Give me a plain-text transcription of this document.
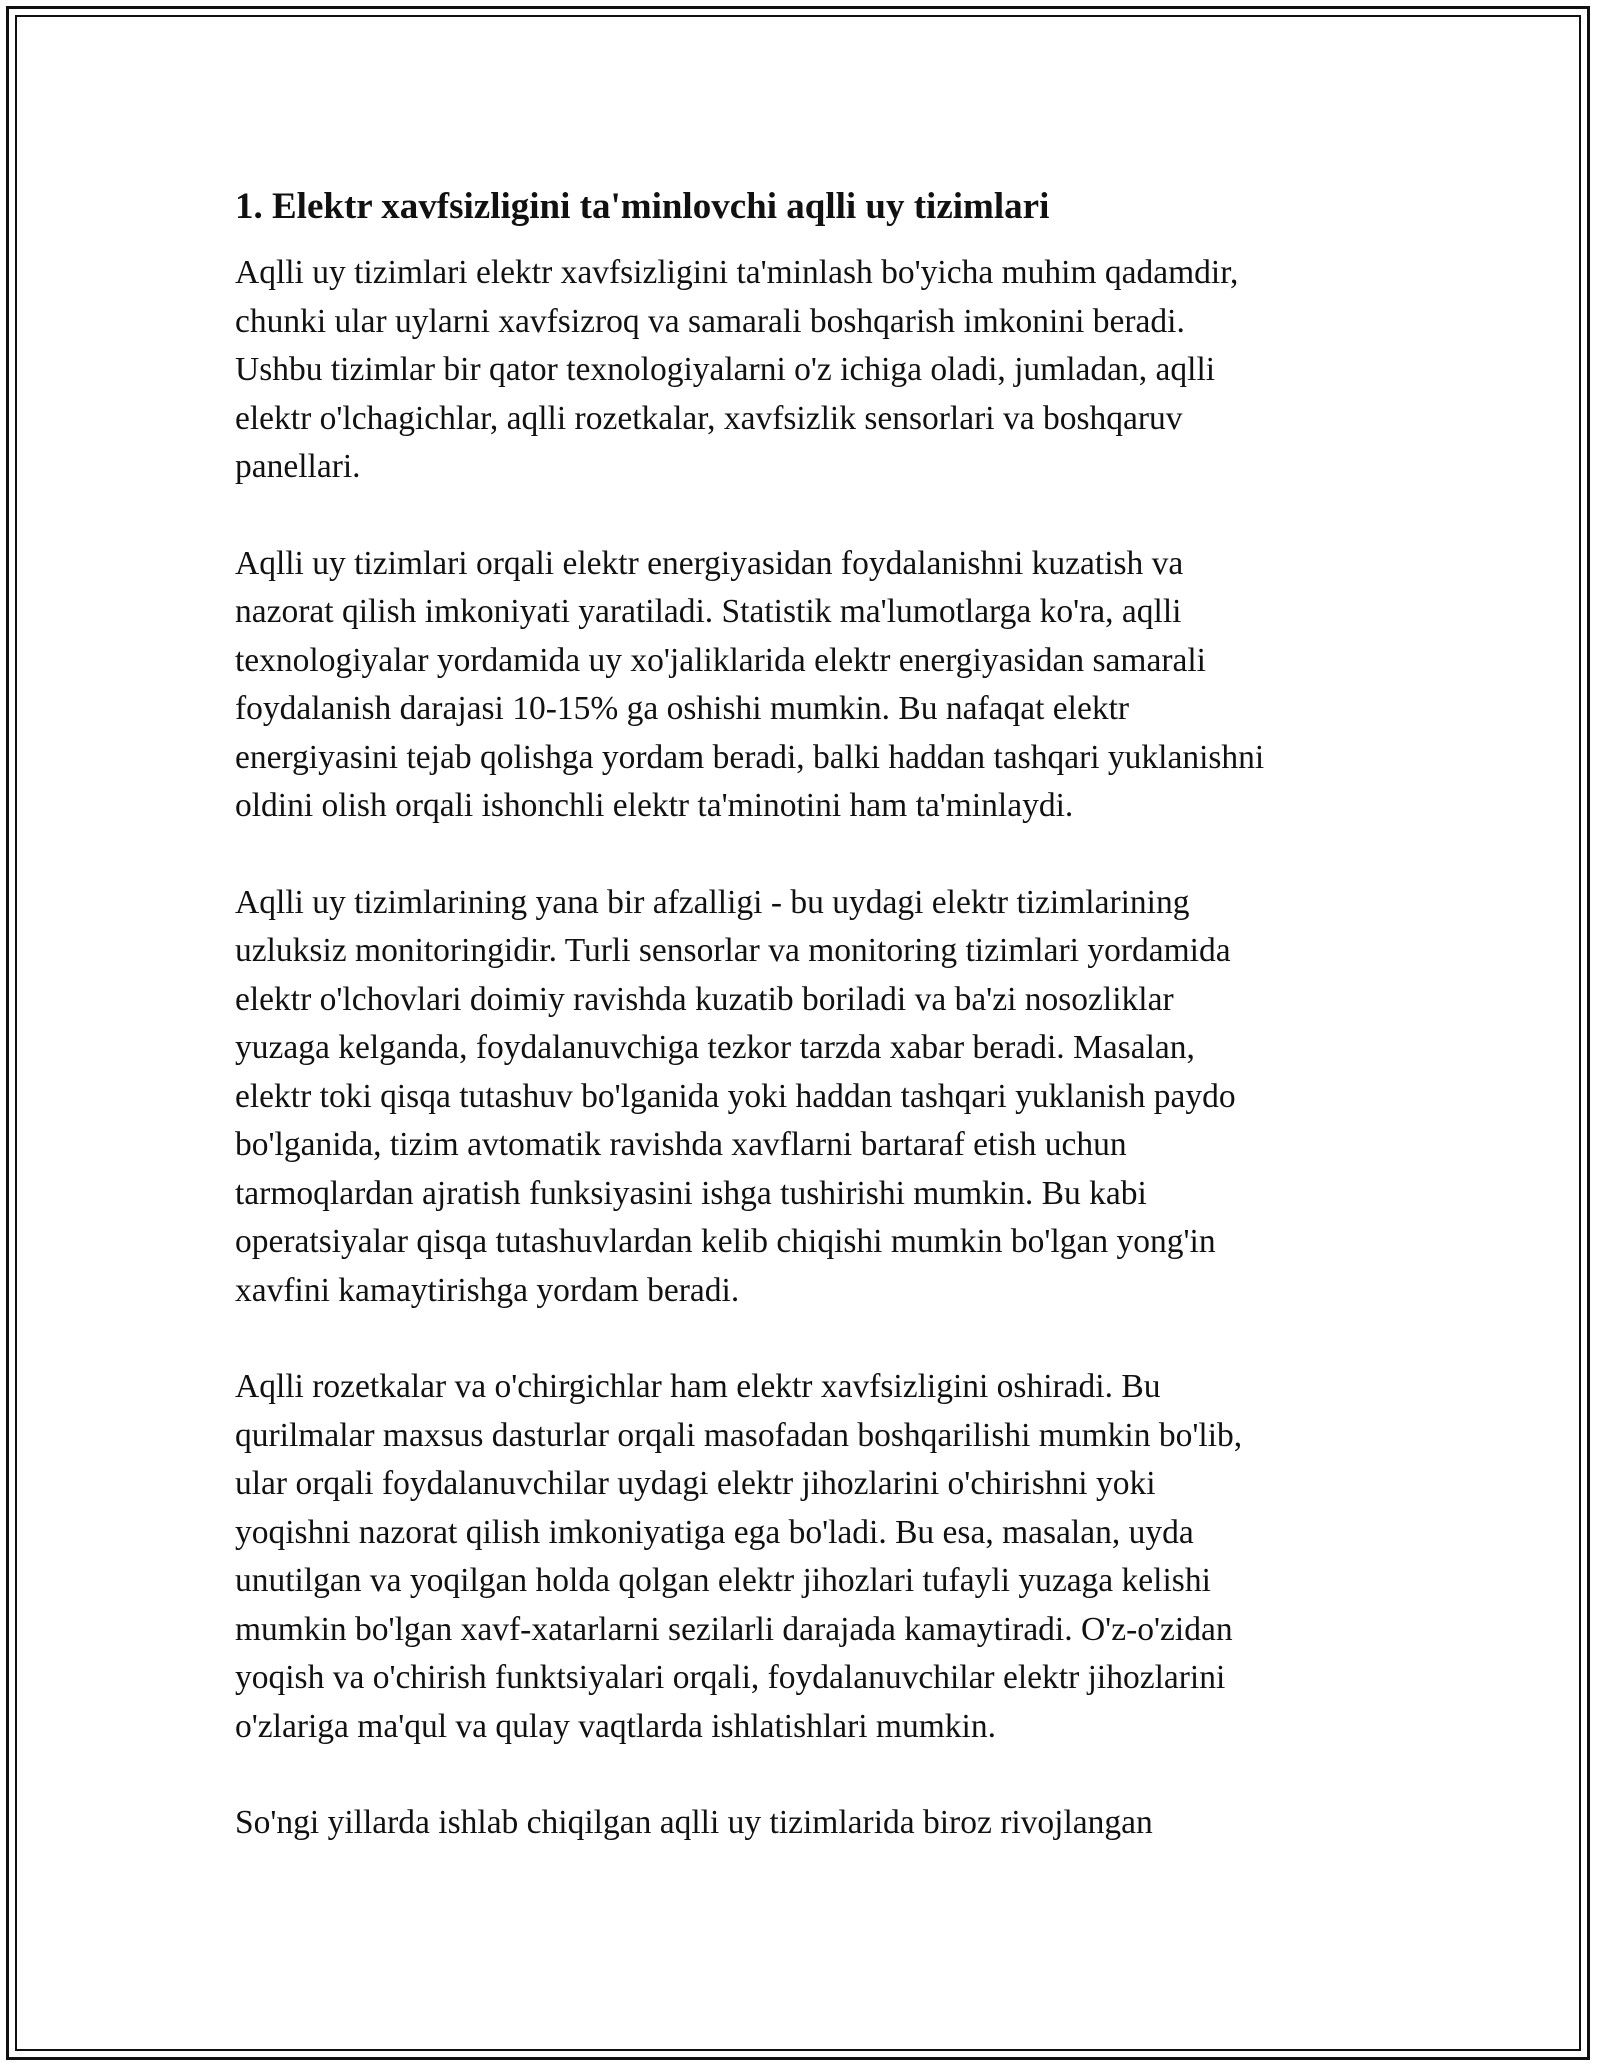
1. Elektr xavfsizligini ta'minlovchi aqlli uy tizimlari
Aqlli uy tizimlari elektr xavfsizligini ta'minlash bo'yicha muhim qadamdir,
chunki ular uylarni xavfsizroq va samarali boshqarish imkonini beradi.
Ushbu tizimlar bir qator texnologiyalarni o'z ichiga oladi, jumladan, aqlli
elektr o'lchagichlar, aqlli rozetkalar, xavfsizlik sensorlari va boshqaruv
panellari.
Aqlli uy tizimlari orqali elektr energiyasidan foydalanishni kuzatish va
nazorat qilish imkoniyati yaratiladi. Statistik ma'lumotlarga ko'ra, aqlli
texnologiyalar yordamida uy xo'jaliklarida elektr energiyasidan samarali
foydalanish darajasi 10-15% ga oshishi mumkin. Bu nafaqat elektr
energiyasini tejab qolishga yordam beradi, balki haddan tashqari yuklanishni
oldini olish orqali ishonchli elektr ta'minotini ham ta'minlaydi.
Aqlli uy tizimlarining yana bir afzalligi - bu uydagi elektr tizimlarining
uzluksiz monitoringidir. Turli sensorlar va monitoring tizimlari yordamida
elektr o'lchovlari doimiy ravishda kuzatib boriladi va ba'zi nosozliklar
yuzaga kelganda, foydalanuvchiga tezkor tarzda xabar beradi. Masalan,
elektr toki qisqa tutashuv bo'lganida yoki haddan tashqari yuklanish paydo
bo'lganida, tizim avtomatik ravishda xavflarni bartaraf etish uchun
tarmoqlardan ajratish funksiyasini ishga tushirishi mumkin. Bu kabi
operatsiyalar qisqa tutashuvlardan kelib chiqishi mumkin bo'lgan yong'in
xavfini kamaytirishga yordam beradi.
Aqlli rozetkalar va o'chirgichlar ham elektr xavfsizligini oshiradi. Bu
qurilmalar maxsus dasturlar orqali masofadan boshqarilishi mumkin bo'lib,
ular orqali foydalanuvchilar uydagi elektr jihozlarini o'chirishni yoki
yoqishni nazorat qilish imkoniyatiga ega bo'ladi. Bu esa, masalan, uyda
unutilgan va yoqilgan holda qolgan elektr jihozlari tufayli yuzaga kelishi
mumkin bo'lgan xavf-xatarlarni sezilarli darajada kamaytiradi. O'z-o'zidan
yoqish va o'chirish funktsiyalari orqali, foydalanuvchilar elektr jihozlarini
o'zlariga ma'qul va qulay vaqtlarda ishlatishlari mumkin.
So'ngi yillarda ishlab chiqilgan aqlli uy tizimlarida biroz rivojlangan
